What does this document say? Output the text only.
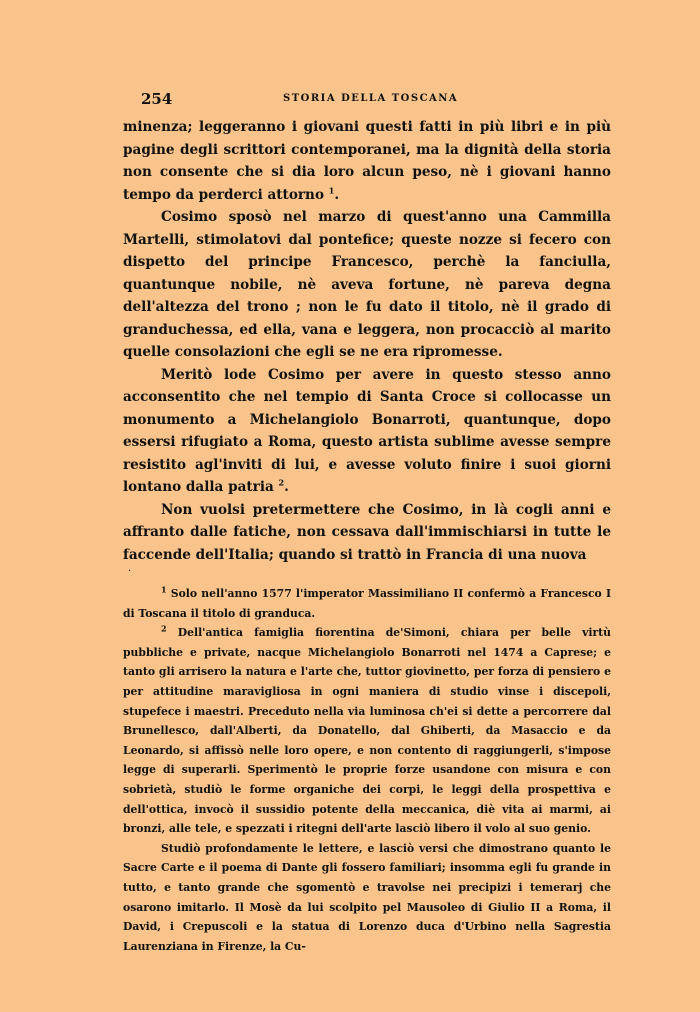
254	STORIA DELLA TOSCANA

minenza; leggeranno i giovani questi fatti in più libri e in più pagine degli scrittori contemporanei, ma la dignità della storia non consente che si dia loro alcun peso, nè i giovani hanno tempo da perderci attorno $^1$.

Cosimo sposò nel marzo di quest'anno una Cammilla Martelli, stimolatovi dal pontefice; queste nozze si fecero con dispetto del principe Francesco, perchè la fanciulla, quantunque nobile, nè aveva fortune, nè pareva degna dell'altezza del trono ; non le fu dato il titolo, nè il grado di granduchessa, ed ella, vana e leggera, non procacciò al marito quelle consolazioni che egli se ne era ripromesse.

Meritò lode Cosimo per avere in questo stesso anno acconsentito che nel tempio di Santa Croce si collocasse un monumento a Michelangiolo Bonarroti, quantunque, dopo essersi rifugiato a Roma, questo artista sublime avesse sempre resistito agl'inviti di lui, e avesse voluto finire i suoi giorni lontano dalla patria $^2$.

Non vuolsi pretermettere che Cosimo, in là cogli anni e affranto dalle fatiche, non cessava dall'immischiarsi in tutte le faccende dell'Italia; quando si trattò in Francia di una nuova

·

$^1$ Solo nell'anno 1577 l'imperator Massimiliano II confermò a Francesco I di Toscana il titolo di granduca.

$^2$ Dell'antica famiglia fiorentina de'Simoni, chiara per belle virtù pubbliche e private, nacque Michelangiolo Bonarroti nel 1474 a Caprese; e tanto gli arrisero la natura e l'arte che, tuttor giovinetto, per forza di pensiero e per attitudine maravigliosa in ogni maniera di studio vinse i discepoli, stupefece i maestri. Preceduto nella via luminosa ch'ei si dette a percorrere dal Brunellesco, dall'Alberti, da Donatello, dal Ghiberti, da Masaccio e da Leonardo, si affissò nelle loro opere, e non contento di raggiungerli, s'impose legge di superarli. Sperimentò le proprie forze usandone con misura e con sobrietà, studiò le forme organiche dei corpi, le leggi della prospettiva e dell'ottica, invocò il sussidio potente della meccanica, diè vita ai marmi, ai bronzi, alle tele, e spezzati i ritegni dell'arte lasciò libero il volo al suo genio.

Studiò profondamente le lettere, e lasciò versi che dimostrano quanto le Sacre Carte e il poema di Dante gli fossero familiari; insomma egli fu grande in tutto, e tanto grande che sgomentò e travolse nei precipizi i temerarj che osarono imitarlo. Il Mosè da lui scolpito pel Mausoleo di Giulio II a Roma, il David, i Crepuscoli e la statua di Lorenzo duca d'Urbino nella Sagrestia Laurenziana in Firenze, la Cu-
